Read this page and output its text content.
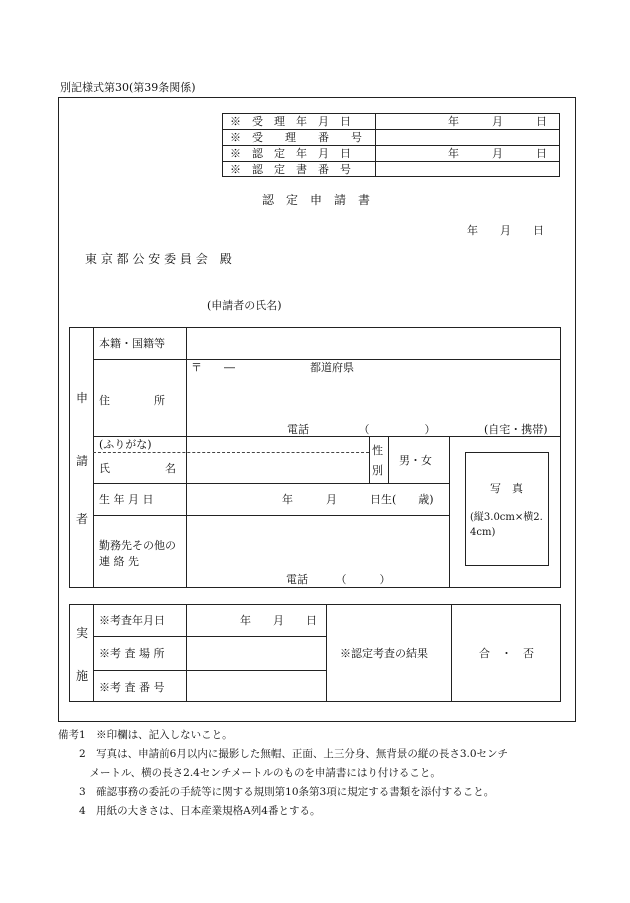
別記様式第30(第39条関係)
※　受　理　年　月　日	年　　　月　　　日
※　受　　理　　番　　号
※　認　定　年　月　日	年　　　月　　　日
※　認　定　書　番　号
認　定　申　請　書
年　　月　　日
東 京 都 公 安 委 員 会　殿
(申請者の氏名)
申
請
者
本籍・国籍等
住　　　　所
〒　　―	都道府県
電話　　　　　（　　　　　）	(自宅・携帯)
(ふりがな)
氏　　　　　名
性別
男・女
写　真
(縦3.0cm×横2.4cm)
生 年 月 日	年　　　月　　　日生(　　歳)
勤務先その他の 連 絡 先
電話　　　（　　　）
実
施
※考査年月日	年　　月　　日
※考 査 場 所
※考 査 番 号
※認定考査の結果	合　・　否
備考1　※印欄は、記入しないこと。
　　2　写真は、申請前6月以内に撮影した無帽、正面、上三分身、無背景の縦の長さ3.0センチ
　　　メートル、横の長さ2.4センチメートルのものを申請書にはり付けること。
　　3　確認事務の委託の手続等に関する規則第10条第3項に規定する書類を添付すること。
　　4　用紙の大きさは、日本産業規格A列4番とする。
